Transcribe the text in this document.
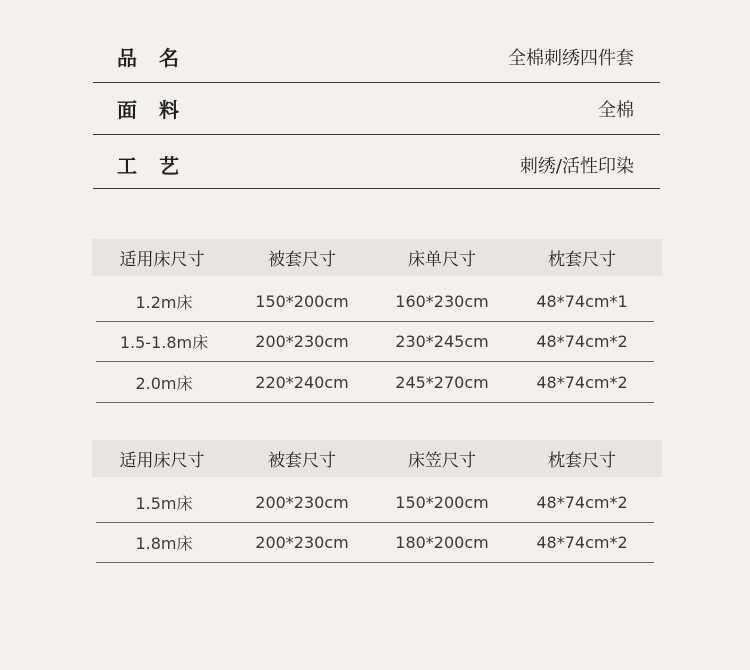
品名	全棉刺绣四件套
面料	全棉
工艺	刺绣/活性印染
适用床尺寸	被套尺寸	床单尺寸	枕套尺寸
1.2m床	150*200cm	160*230cm	48*74cm*1
1.5-1.8m床	200*230cm	230*245cm	48*74cm*2
2.0m床	220*240cm	245*270cm	48*74cm*2
适用床尺寸	被套尺寸	床笠尺寸	枕套尺寸
1.5m床	200*230cm	150*200cm	48*74cm*2
1.8m床	200*230cm	180*200cm	48*74cm*2
